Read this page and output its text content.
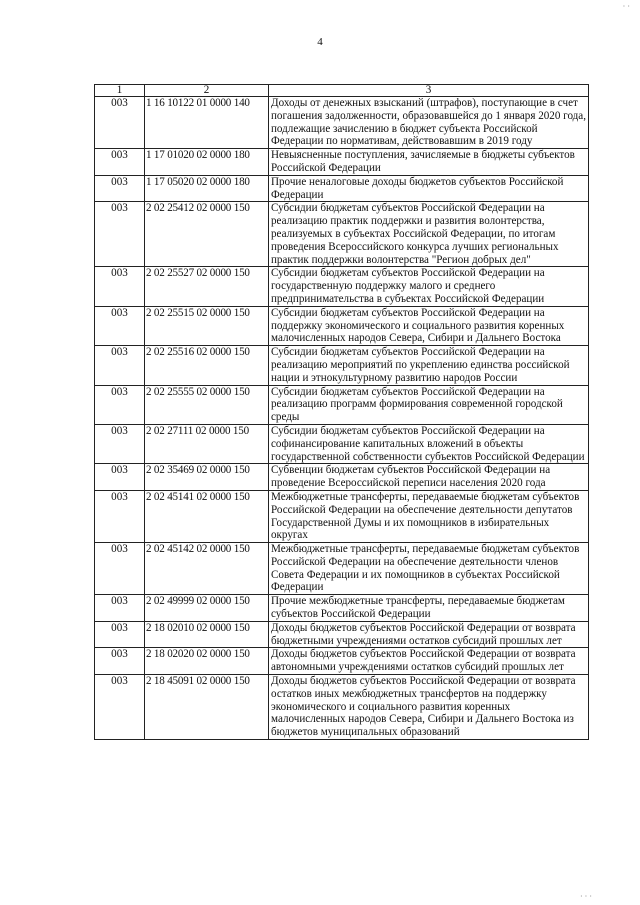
· ·
4
1	2	3
003	1 16 10122 01 0000 140	Доходы от денежных взысканий (штрафов), поступающие в счет погашения задолженности, образовавшейся до 1 января 2020 года, подлежащие зачислению в бюджет субъекта Российской Федерации по нормативам, действовавшим в 2019 году
003	1 17 01020 02 0000 180	Невыясненные поступления, зачисляемые в бюджеты субъектов Российской Федерации
003	1 17 05020 02 0000 180	Прочие неналоговые доходы бюджетов субъектов Российской Федерации
003	2 02 25412 02 0000 150	Субсидии бюджетам субъектов Российской Федерации на реализацию практик поддержки и развития волонтерства, реализуемых в субъектах Российской Федерации, по итогам проведения Всероссийского конкурса лучших региональных практик поддержки волонтерства "Регион добрых дел"
003	2 02 25527 02 0000 150	Субсидии бюджетам субъектов Российской Федерации на государственную поддержку малого и среднего предпринимательства в субъектах Российской Федерации
003	2 02 25515 02 0000 150	Субсидии бюджетам субъектов Российской Федерации на поддержку экономического и социального развития коренных малочисленных народов Севера, Сибири и Дальнего Востока
003	2 02 25516 02 0000 150	Субсидии бюджетам субъектов Российской Федерации на реализацию мероприятий по укреплению единства российской нации и этнокультурному развитию народов России
003	2 02 25555 02 0000 150	Субсидии бюджетам субъектов Российской Федерации на реализацию программ формирования современной городской среды
003	2 02 27111 02 0000 150	Субсидии бюджетам субъектов Российской Федерации на софинансирование капитальных вложений в объекты государственной собственности субъектов Российской Федерации
003	2 02 35469 02 0000 150	Субвенции бюджетам субъектов Российской Федерации на проведение Всероссийской переписи населения 2020 года
003	2 02 45141 02 0000 150	Межбюджетные трансферты, передаваемые бюджетам субъектов Российской Федерации на обеспечение деятельности депутатов Государственной Думы и их помощников в избирательных округах
003	2 02 45142 02 0000 150	Межбюджетные трансферты, передаваемые бюджетам субъектов Российской Федерации на обеспечение деятельности членов Совета Федерации и их помощников в субъектах Российской Федерации
003	2 02 49999 02 0000 150	Прочие межбюджетные трансферты, передаваемые бюджетам субъектов Российской Федерации
003	2 18 02010 02 0000 150	Доходы бюджетов субъектов Российской Федерации от возврата бюджетными учреждениями остатков субсидий прошлых лет
003	2 18 02020 02 0000 150	Доходы бюджетов субъектов Российской Федерации от возврата автономными учреждениями остатков субсидий прошлых лет
003	2 18 45091 02 0000 150	Доходы бюджетов субъектов Российской Федерации от возврата остатков иных межбюджетных трансфертов на поддержку экономического и социального развития коренных малочисленных народов Севера, Сибири и Дальнего Востока из бюджетов муниципальных образований
· · ·
